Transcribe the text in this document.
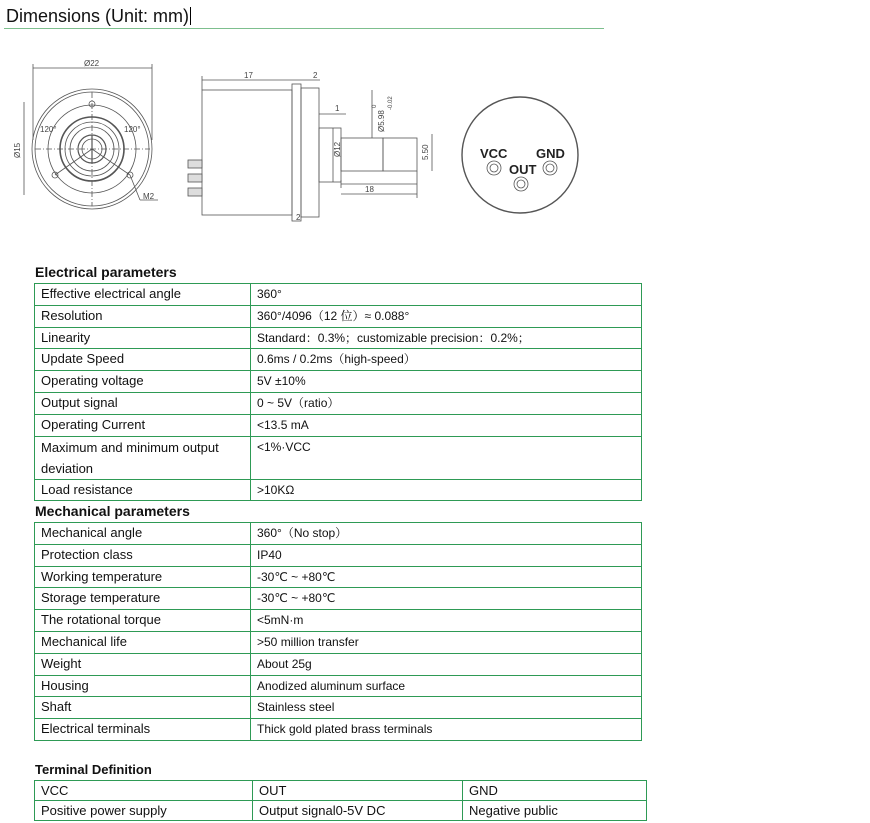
Dimensions (Unit: mm)
Ø22
Ø15
120°	120°
M2
17	2
1
Ø12
Ø5.98
0 -0.02
18
5.50
2
VCC GND
OUT
Electrical parameters
Effective electrical angle	360°
Resolution	360°/4096（12 位）≈ 0.088°
Linearity	Standard：0.3%；customizable precision：0.2%；
Update Speed	0.6ms / 0.2ms（high-speed）
Operating voltage	5V ±10%
Output signal	0 ~ 5V（ratio）
Operating Current	<13.5 mA
Maximum and minimum output deviation	<1%·VCC
Load resistance	>10KΩ
Mechanical parameters
Mechanical angle	360°（No stop）
Protection class	IP40
Working temperature	-30℃ ~ +80℃
Storage temperature	-30℃ ~ +80℃
The rotational torque	<5mN·m
Mechanical life	>50 million transfer
Weight	About 25g
Housing	Anodized aluminum surface
Shaft	Stainless steel
Electrical terminals	Thick gold plated brass terminals
Terminal Definition
VCC	OUT	GND
Positive power supply	Output signal0-5V DC	Negative public
